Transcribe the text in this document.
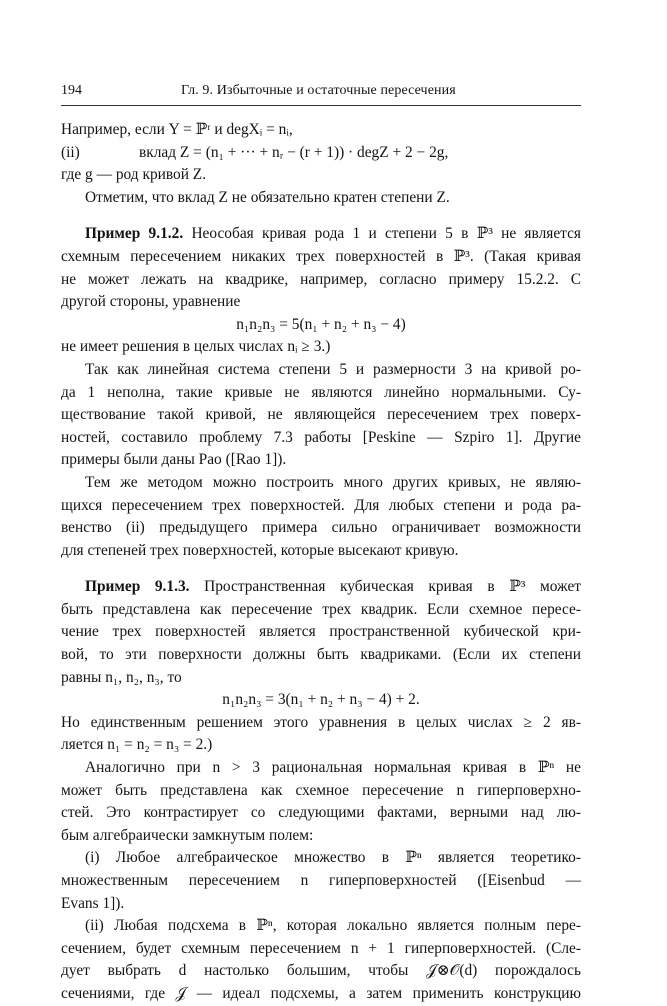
194	Гл. 9. Избыточные и остаточные пересечения
Например, если Y = ℙʳ и degXᵢ = nᵢ,
(ii)	вклад Z = (n₁ + ··· + nᵣ − (r + 1)) · degZ + 2 − 2g,
где g — род кривой Z.
Отметим, что вклад Z не обязательно кратен степени Z.
Пример 9.1.2. Неособая кривая рода 1 и степени 5 в ℙ³ не является
схемным пересечением никаких трех поверхностей в ℙ³. (Такая кривая
не может лежать на квадрике, например, согласно примеру 15.2.2. С
другой стороны, уравнение
n₁n₂n₃ = 5(n₁ + n₂ + n₃ − 4)
не имеет решения в целых числах nᵢ ≥ 3.)
Так как линейная система степени 5 и размерности 3 на кривой ро-
да 1 неполна, такие кривые не являются линейно нормальными. Су-
ществование такой кривой, не являющейся пересечением трех поверх-
ностей, составило проблему 7.3 работы [Peskine — Szpiro 1]. Другие
примеры были даны Рао ([Rao 1]).
Тем же методом можно построить много других кривых, не являю-
щихся пересечением трех поверхностей. Для любых степени и рода ра-
венство (ii) предыдущего примера сильно ограничивает возможности
для степеней трех поверхностей, которые высекают кривую.
Пример 9.1.3. Пространственная кубическая кривая в ℙ³ может
быть представлена как пересечение трех квадрик. Если схемное пересе-
чение трех поверхностей является пространственной кубической кри-
вой, то эти поверхности должны быть квадриками. (Если их степени
равны n₁, n₂, n₃, то
n₁n₂n₃ = 3(n₁ + n₂ + n₃ − 4) + 2.
Но единственным решением этого уравнения в целых числах ≥ 2 яв-
ляется n₁ = n₂ = n₃ = 2.)
Аналогично при n > 3 рациональная нормальная кривая в ℙⁿ не
может быть представлена как схемное пересечение n гиперповерхно-
стей. Это контрастирует со следующими фактами, верными над лю-
бым алгебраически замкнутым полем:
(i) Любое алгебраическое множество в ℙⁿ является теоретико-
множественным пересечением n гиперповерхностей ([Eisenbud —
Evans 1]).
(ii) Любая подсхема в ℙⁿ, которая локально является полным пере-
сечением, будет схемным пересечением n + 1 гиперповерхностей. (Сле-
дует выбрать d настолько большим, чтобы 𝒥⊗𝒪(d) порождалось
сечениями, где 𝒥 — идеал подсхемы, а затем применить конструкцию
